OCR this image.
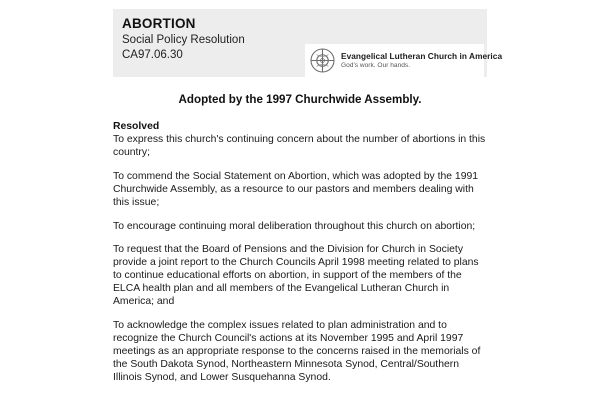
ABORTION

Social Policy Resolution

CA97.06.30	Evangelical Lutheran Church in America
God's work. Our hands.

Adopted by the 1997 Churchwide Assembly.

Resolved

To express this church's continuing concern about the number of abortions in this country;

To commend the Social Statement on Abortion, which was adopted by the 1991 Churchwide Assembly, as a resource to our pastors and members dealing with this issue;

To encourage continuing moral deliberation throughout this church on abortion;

To request that the Board of Pensions and the Division for Church in Society provide a joint report to the Church Councils April 1998 meeting related to plans to continue educational efforts on abortion, in support of the members of the ELCA health plan and all members of the Evangelical Lutheran Church in America; and

To acknowledge the complex issues related to plan administration and to recognize the Church Council's actions at its November 1995 and April 1997 meetings as an appropriate response to the concerns raised in the memorials of the South Dakota Synod, Northeastern Minnesota Synod, Central/Southern Illinois Synod, and Lower Susquehanna Synod.
